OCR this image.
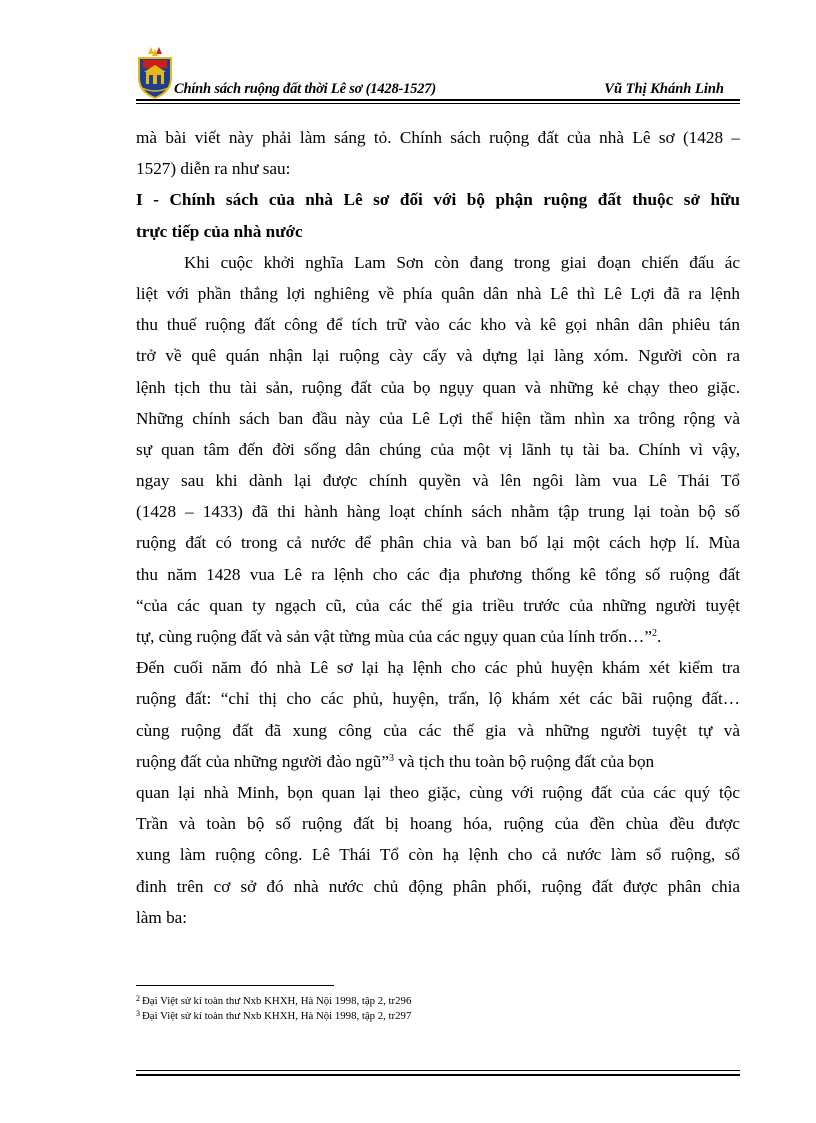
Chính sách ruộng đất thời Lê sơ (1428-1527)	Vũ Thị Khánh Linh
mà bài viết này phải làm sáng tỏ. Chính sách ruộng đất của nhà Lê sơ (1428 –
1527) diễn ra như sau:
I - Chính sách của nhà Lê sơ đối với bộ phận ruộng đất thuộc sở hữu
trực tiếp của nhà nước
Khi cuộc khởi nghĩa Lam Sơn còn đang trong giai đoạn chiến đấu ác
liệt với phần thắng lợi nghiêng về phía quân dân nhà Lê thì Lê Lợi đã ra lệnh
thu thuế ruộng đất công để tích trữ vào các kho và kê gọi nhân dân phiêu tán
trở về quê quán nhận lại ruộng cày cấy và dựng lại làng xóm. Người còn ra
lệnh tịch thu tài sản, ruộng đất của bọ ngụy quan và những kẻ chạy theo giặc.
Những chính sách ban đầu này của Lê Lợi thể hiện tầm nhìn xa trông rộng và
sự quan tâm đến đời sống dân chúng của một vị lãnh tụ tài ba. Chính vì vậy,
ngay sau khi dành lại được chính quyền và lên ngôi làm vua Lê Thái Tổ
(1428 – 1433) đã thi hành hàng loạt chính sách nhằm tập trung lại toàn bộ số
ruộng đất có trong cả nước để phân chia và ban bố lại một cách hợp lí. Mùa
thu năm 1428 vua Lê ra lệnh cho các địa phương thống kê tổng số ruộng đất
“của các quan ty ngạch cũ, của các thế gia triều trước của những người tuyệt
tự, cùng ruộng đất và sản vật từng mùa của các ngụy quan của lính trốn…”$^2$.
Đến cuối năm đó nhà Lê sơ lại hạ lệnh cho các phủ huyện khám xét kiểm tra
ruộng đất: “chỉ thị cho các phủ, huyện, trấn, lộ khám xét các bãi ruộng đất…
cùng ruộng đất đã xung công của các thế gia và những người tuyệt tự và
ruộng đất của những người đào ngũ”$^3$ và tịch thu toàn bộ ruộng đất của bọn
quan lại nhà Minh, bọn quan lại theo giặc, cùng với ruộng đất của các quý tộc
Trần và toàn bộ số ruộng đất bị hoang hóa, ruộng của đền chùa đều được
xung làm ruộng công. Lê Thái Tổ còn hạ lệnh cho cả nước làm sổ ruộng, sổ
đinh trên cơ sở đó nhà nước chủ động phân phối, ruộng đất được phân chia
làm ba:
$^2$ Đại Việt sử kí toàn thư Nxb KHXH, Hà Nội 1998, tập 2, tr296
$^3$ Đại Việt sử kí toàn thư Nxb KHXH, Hà Nội 1998, tập 2, tr297
